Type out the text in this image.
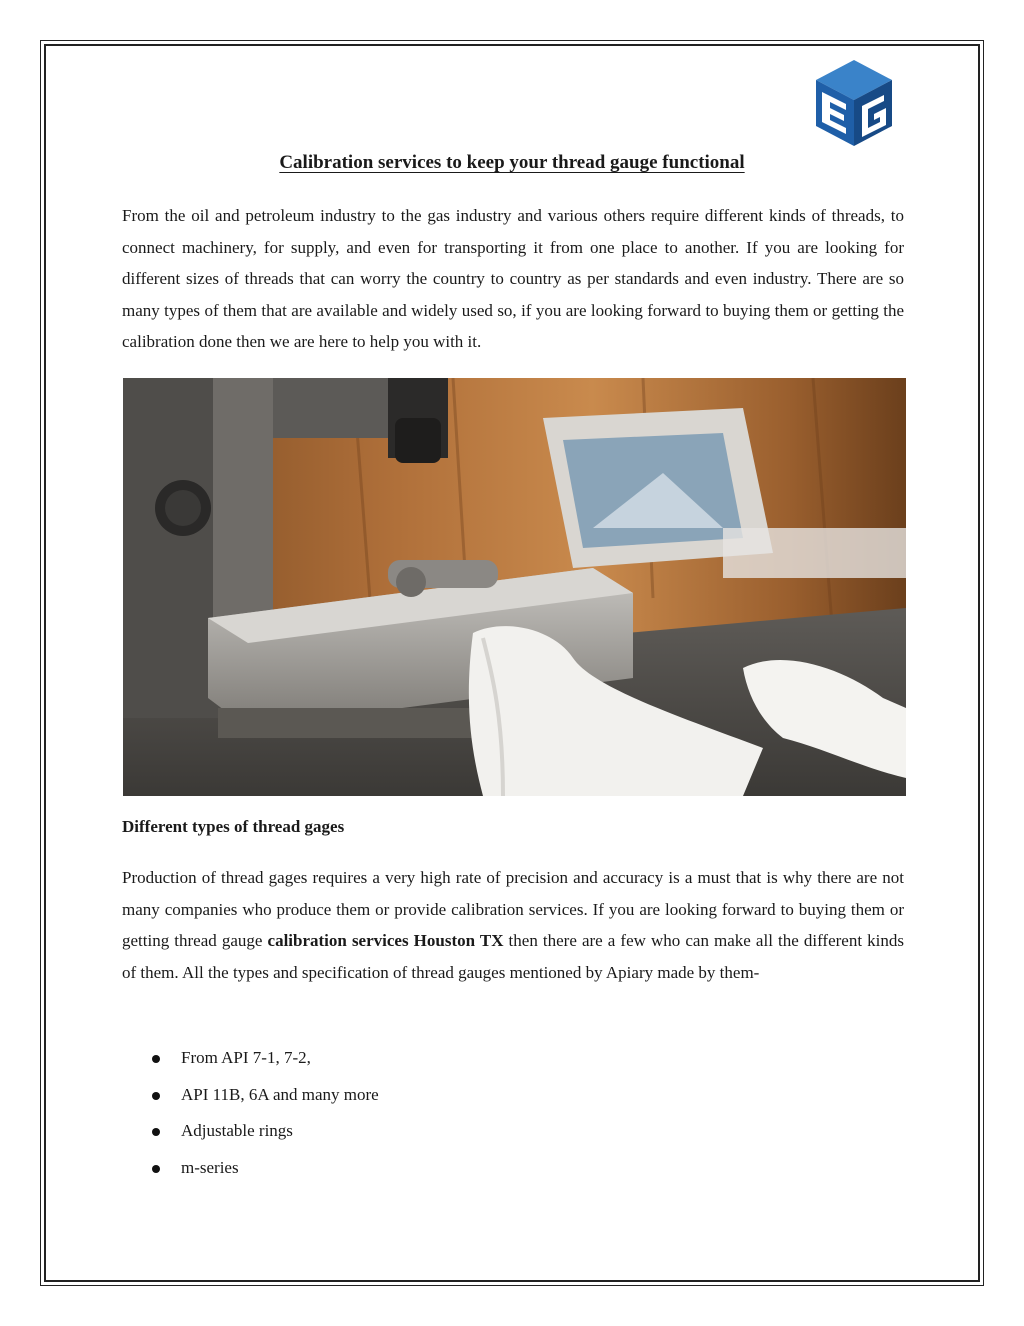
Calibration services to keep your thread gauge functional

From the oil and petroleum industry to the gas industry and various others require different kinds of threads, to connect machinery, for supply, and even for transporting it from one place to another. If you are looking for different sizes of threads that can worry the country to country as per standards and even industry. There are so many types of them that are available and widely used so, if you are looking forward to buying them or getting the calibration done then we are here to help you with it.

Different types of thread gages

Production of thread gages requires a very high rate of precision and accuracy is a must that is why there are not many companies who produce them or provide calibration services. If you are looking forward to buying them or getting thread gauge calibration services Houston TX then there are a few who can make all the different kinds of them. All the types and specification of thread gauges mentioned by Apiary made by them-

From API 7-1, 7-2,
API 11B, 6A and many more
Adjustable rings
m-series
